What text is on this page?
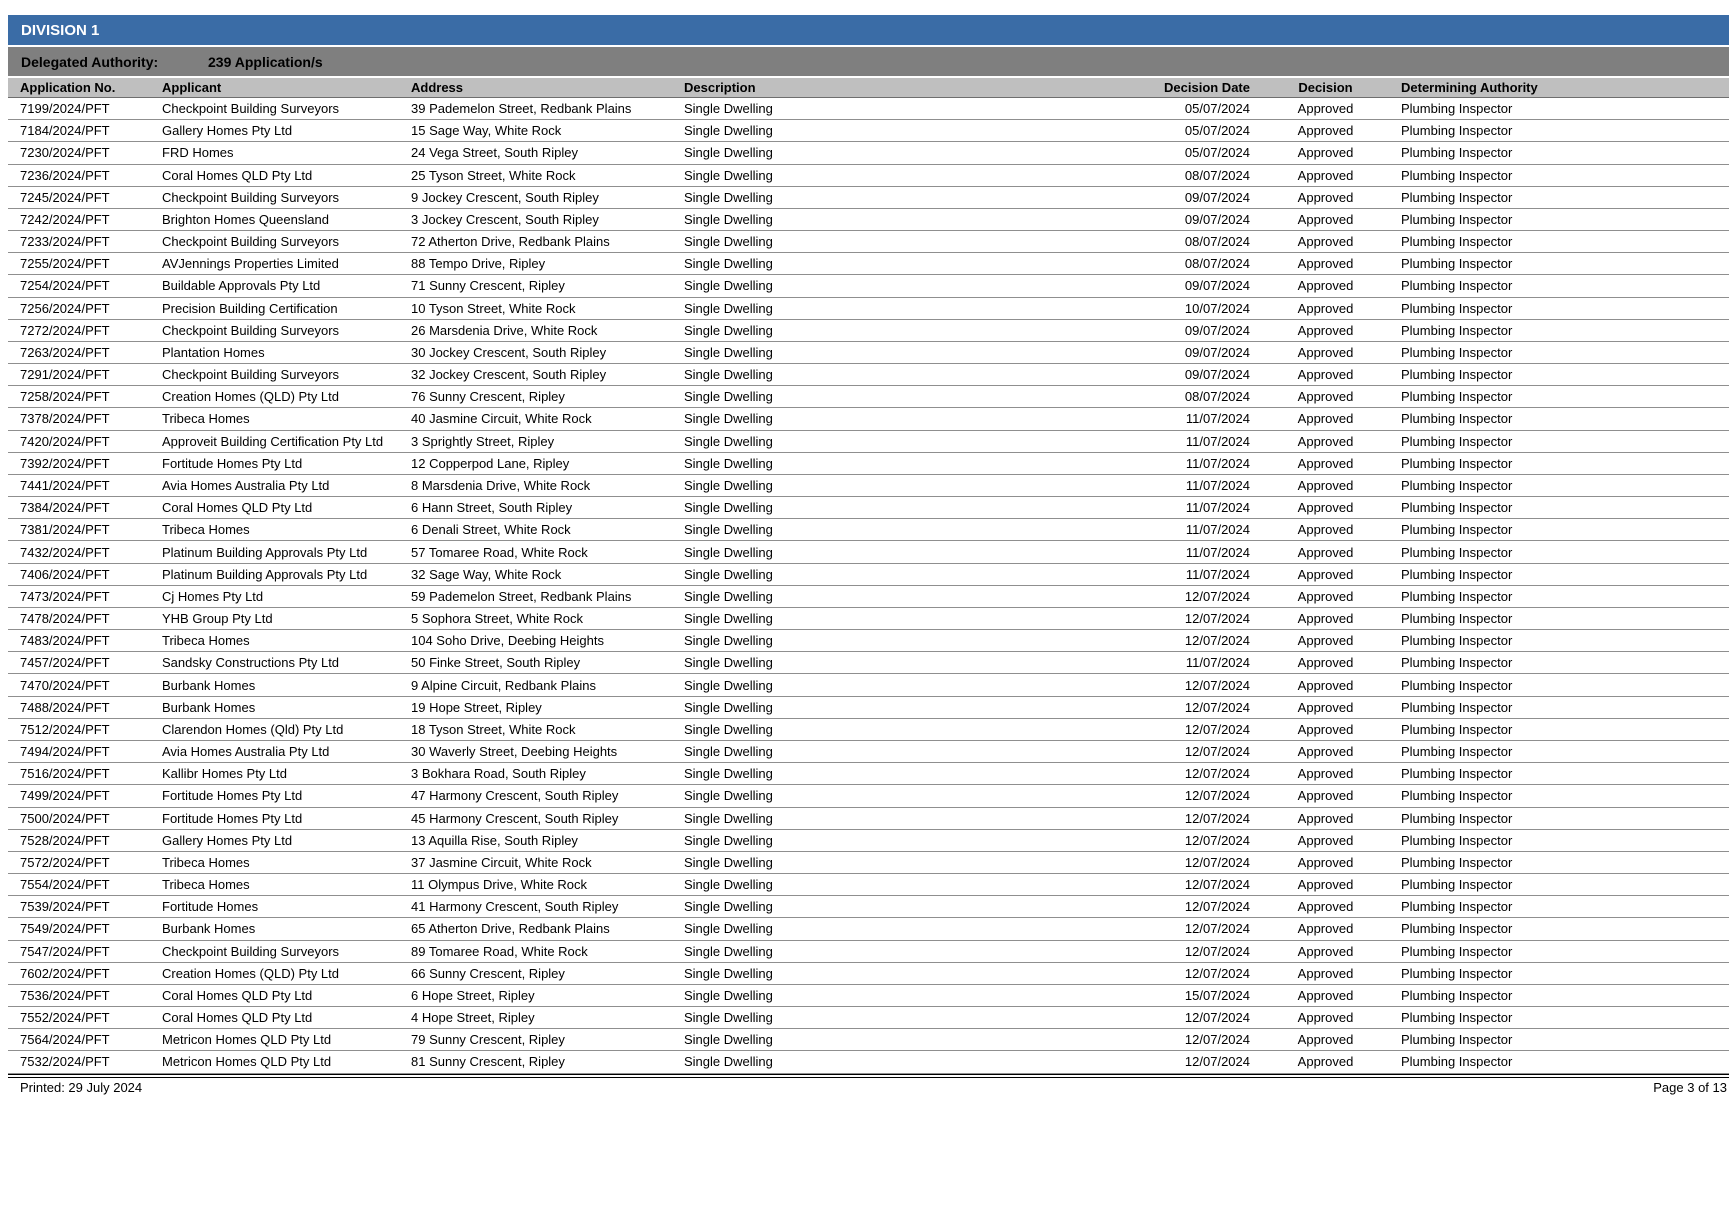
DIVISION 1
Delegated Authority:	239 Application/s
Application No.	Applicant	Address	Description	Decision Date	Decision	Determining Authority
7199/2024/PFT	Checkpoint Building Surveyors	39 Pademelon Street, Redbank Plains	Single Dwelling	05/07/2024	Approved	Plumbing Inspector
7184/2024/PFT	Gallery Homes Pty Ltd	15 Sage Way, White Rock	Single Dwelling	05/07/2024	Approved	Plumbing Inspector
7230/2024/PFT	FRD Homes	24 Vega Street, South Ripley	Single Dwelling	05/07/2024	Approved	Plumbing Inspector
7236/2024/PFT	Coral Homes QLD Pty Ltd	25 Tyson Street, White Rock	Single Dwelling	08/07/2024	Approved	Plumbing Inspector
7245/2024/PFT	Checkpoint Building Surveyors	9 Jockey Crescent, South Ripley	Single Dwelling	09/07/2024	Approved	Plumbing Inspector
7242/2024/PFT	Brighton Homes Queensland	3 Jockey Crescent, South Ripley	Single Dwelling	09/07/2024	Approved	Plumbing Inspector
7233/2024/PFT	Checkpoint Building Surveyors	72 Atherton Drive, Redbank Plains	Single Dwelling	08/07/2024	Approved	Plumbing Inspector
7255/2024/PFT	AVJennings Properties Limited	88 Tempo Drive, Ripley	Single Dwelling	08/07/2024	Approved	Plumbing Inspector
7254/2024/PFT	Buildable Approvals Pty Ltd	71 Sunny Crescent, Ripley	Single Dwelling	09/07/2024	Approved	Plumbing Inspector
7256/2024/PFT	Precision Building Certification	10 Tyson Street, White Rock	Single Dwelling	10/07/2024	Approved	Plumbing Inspector
7272/2024/PFT	Checkpoint Building Surveyors	26 Marsdenia Drive, White Rock	Single Dwelling	09/07/2024	Approved	Plumbing Inspector
7263/2024/PFT	Plantation Homes	30 Jockey Crescent, South Ripley	Single Dwelling	09/07/2024	Approved	Plumbing Inspector
7291/2024/PFT	Checkpoint Building Surveyors	32 Jockey Crescent, South Ripley	Single Dwelling	09/07/2024	Approved	Plumbing Inspector
7258/2024/PFT	Creation Homes (QLD) Pty Ltd	76 Sunny Crescent, Ripley	Single Dwelling	08/07/2024	Approved	Plumbing Inspector
7378/2024/PFT	Tribeca Homes	40 Jasmine Circuit, White Rock	Single Dwelling	11/07/2024	Approved	Plumbing Inspector
7420/2024/PFT	Approveit Building Certification Pty Ltd	3 Sprightly Street, Ripley	Single Dwelling	11/07/2024	Approved	Plumbing Inspector
7392/2024/PFT	Fortitude Homes Pty Ltd	12 Copperpod Lane, Ripley	Single Dwelling	11/07/2024	Approved	Plumbing Inspector
7441/2024/PFT	Avia Homes Australia Pty Ltd	8 Marsdenia Drive, White Rock	Single Dwelling	11/07/2024	Approved	Plumbing Inspector
7384/2024/PFT	Coral Homes QLD Pty Ltd	6 Hann Street, South Ripley	Single Dwelling	11/07/2024	Approved	Plumbing Inspector
7381/2024/PFT	Tribeca Homes	6 Denali Street, White Rock	Single Dwelling	11/07/2024	Approved	Plumbing Inspector
7432/2024/PFT	Platinum Building Approvals Pty Ltd	57 Tomaree Road, White Rock	Single Dwelling	11/07/2024	Approved	Plumbing Inspector
7406/2024/PFT	Platinum Building Approvals Pty Ltd	32 Sage Way, White Rock	Single Dwelling	11/07/2024	Approved	Plumbing Inspector
7473/2024/PFT	Cj Homes Pty Ltd	59 Pademelon Street, Redbank Plains	Single Dwelling	12/07/2024	Approved	Plumbing Inspector
7478/2024/PFT	YHB Group Pty Ltd	5 Sophora Street, White Rock	Single Dwelling	12/07/2024	Approved	Plumbing Inspector
7483/2024/PFT	Tribeca Homes	104 Soho Drive, Deebing Heights	Single Dwelling	12/07/2024	Approved	Plumbing Inspector
7457/2024/PFT	Sandsky Constructions Pty Ltd	50 Finke Street, South Ripley	Single Dwelling	11/07/2024	Approved	Plumbing Inspector
7470/2024/PFT	Burbank Homes	9 Alpine Circuit, Redbank Plains	Single Dwelling	12/07/2024	Approved	Plumbing Inspector
7488/2024/PFT	Burbank Homes	19 Hope Street, Ripley	Single Dwelling	12/07/2024	Approved	Plumbing Inspector
7512/2024/PFT	Clarendon Homes (Qld) Pty Ltd	18 Tyson Street, White Rock	Single Dwelling	12/07/2024	Approved	Plumbing Inspector
7494/2024/PFT	Avia Homes Australia Pty Ltd	30 Waverly Street, Deebing Heights	Single Dwelling	12/07/2024	Approved	Plumbing Inspector
7516/2024/PFT	Kallibr Homes Pty Ltd	3 Bokhara Road, South Ripley	Single Dwelling	12/07/2024	Approved	Plumbing Inspector
7499/2024/PFT	Fortitude Homes Pty Ltd	47 Harmony Crescent, South Ripley	Single Dwelling	12/07/2024	Approved	Plumbing Inspector
7500/2024/PFT	Fortitude Homes Pty Ltd	45 Harmony Crescent, South Ripley	Single Dwelling	12/07/2024	Approved	Plumbing Inspector
7528/2024/PFT	Gallery Homes Pty Ltd	13 Aquilla Rise, South Ripley	Single Dwelling	12/07/2024	Approved	Plumbing Inspector
7572/2024/PFT	Tribeca Homes	37 Jasmine Circuit, White Rock	Single Dwelling	12/07/2024	Approved	Plumbing Inspector
7554/2024/PFT	Tribeca Homes	11 Olympus Drive, White Rock	Single Dwelling	12/07/2024	Approved	Plumbing Inspector
7539/2024/PFT	Fortitude Homes	41 Harmony Crescent, South Ripley	Single Dwelling	12/07/2024	Approved	Plumbing Inspector
7549/2024/PFT	Burbank Homes	65 Atherton Drive, Redbank Plains	Single Dwelling	12/07/2024	Approved	Plumbing Inspector
7547/2024/PFT	Checkpoint Building Surveyors	89 Tomaree Road, White Rock	Single Dwelling	12/07/2024	Approved	Plumbing Inspector
7602/2024/PFT	Creation Homes (QLD) Pty Ltd	66 Sunny Crescent, Ripley	Single Dwelling	12/07/2024	Approved	Plumbing Inspector
7536/2024/PFT	Coral Homes QLD Pty Ltd	6 Hope Street, Ripley	Single Dwelling	15/07/2024	Approved	Plumbing Inspector
7552/2024/PFT	Coral Homes QLD Pty Ltd	4 Hope Street, Ripley	Single Dwelling	12/07/2024	Approved	Plumbing Inspector
7564/2024/PFT	Metricon Homes QLD Pty Ltd	79 Sunny Crescent, Ripley	Single Dwelling	12/07/2024	Approved	Plumbing Inspector
7532/2024/PFT	Metricon Homes QLD Pty Ltd	81 Sunny Crescent, Ripley	Single Dwelling	12/07/2024	Approved	Plumbing Inspector
Printed: 29 July 2024	Page 3 of 13
